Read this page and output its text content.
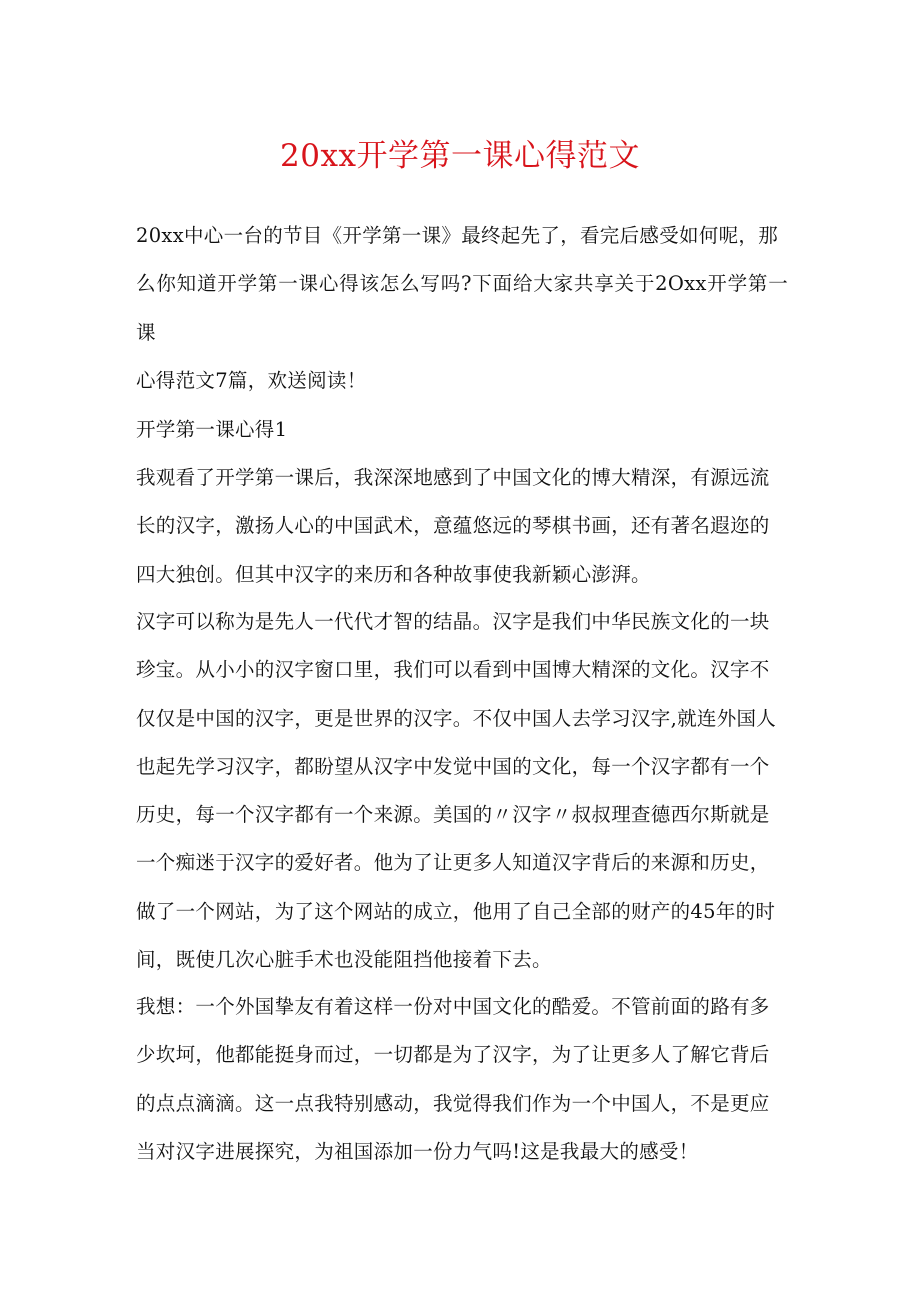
20xx开学第一课心得范文

20xx中心一台的节目《开学第一课》最终起先了，看完后感受如何呢，那
么你知道开学第一课心得该怎么写吗?下面给大家共享关于2Oxx开学第一课
心得范文7篇，欢送阅读！

开学第一课心得1

我观看了开学第一课后，我深深地感到了中国文化的博大精深，有源远流
长的汉字，激扬人心的中国武术，意蕴悠远的琴棋书画，还有著名遐迩的
四大独创。但其中汉字的来历和各种故事使我新颖心澎湃。

汉字可以称为是先人一代代才智的结晶。汉字是我们中华民族文化的一块
珍宝。从小小的汉字窗口里，我们可以看到中国博大精深的文化。汉字不
仅仅是中国的汉字，更是世界的汉字。不仅中国人去学习汉字,就连外国人
也起先学习汉字，都盼望从汉字中发觉中国的文化，每一个汉字都有一个
历史，每一个汉字都有一个来源。美国的〃汉字〃叔叔理查德西尔斯就是
一个痴迷于汉字的爱好者。他为了让更多人知道汉字背后的来源和历史，
做了一个网站，为了这个网站的成立，他用了自己全部的财产的45年的时
间，既使几次心脏手术也没能阻挡他接着下去。

我想：一个外国挚友有着这样一份对中国文化的酷爱。不管前面的路有多
少坎坷，他都能挺身而过，一切都是为了汉字，为了让更多人了解它背后
的点点滴滴。这一点我特别感动，我觉得我们作为一个中国人，不是更应
当对汉字进展探究，为祖国添加一份力气吗!这是我最大的感受！
